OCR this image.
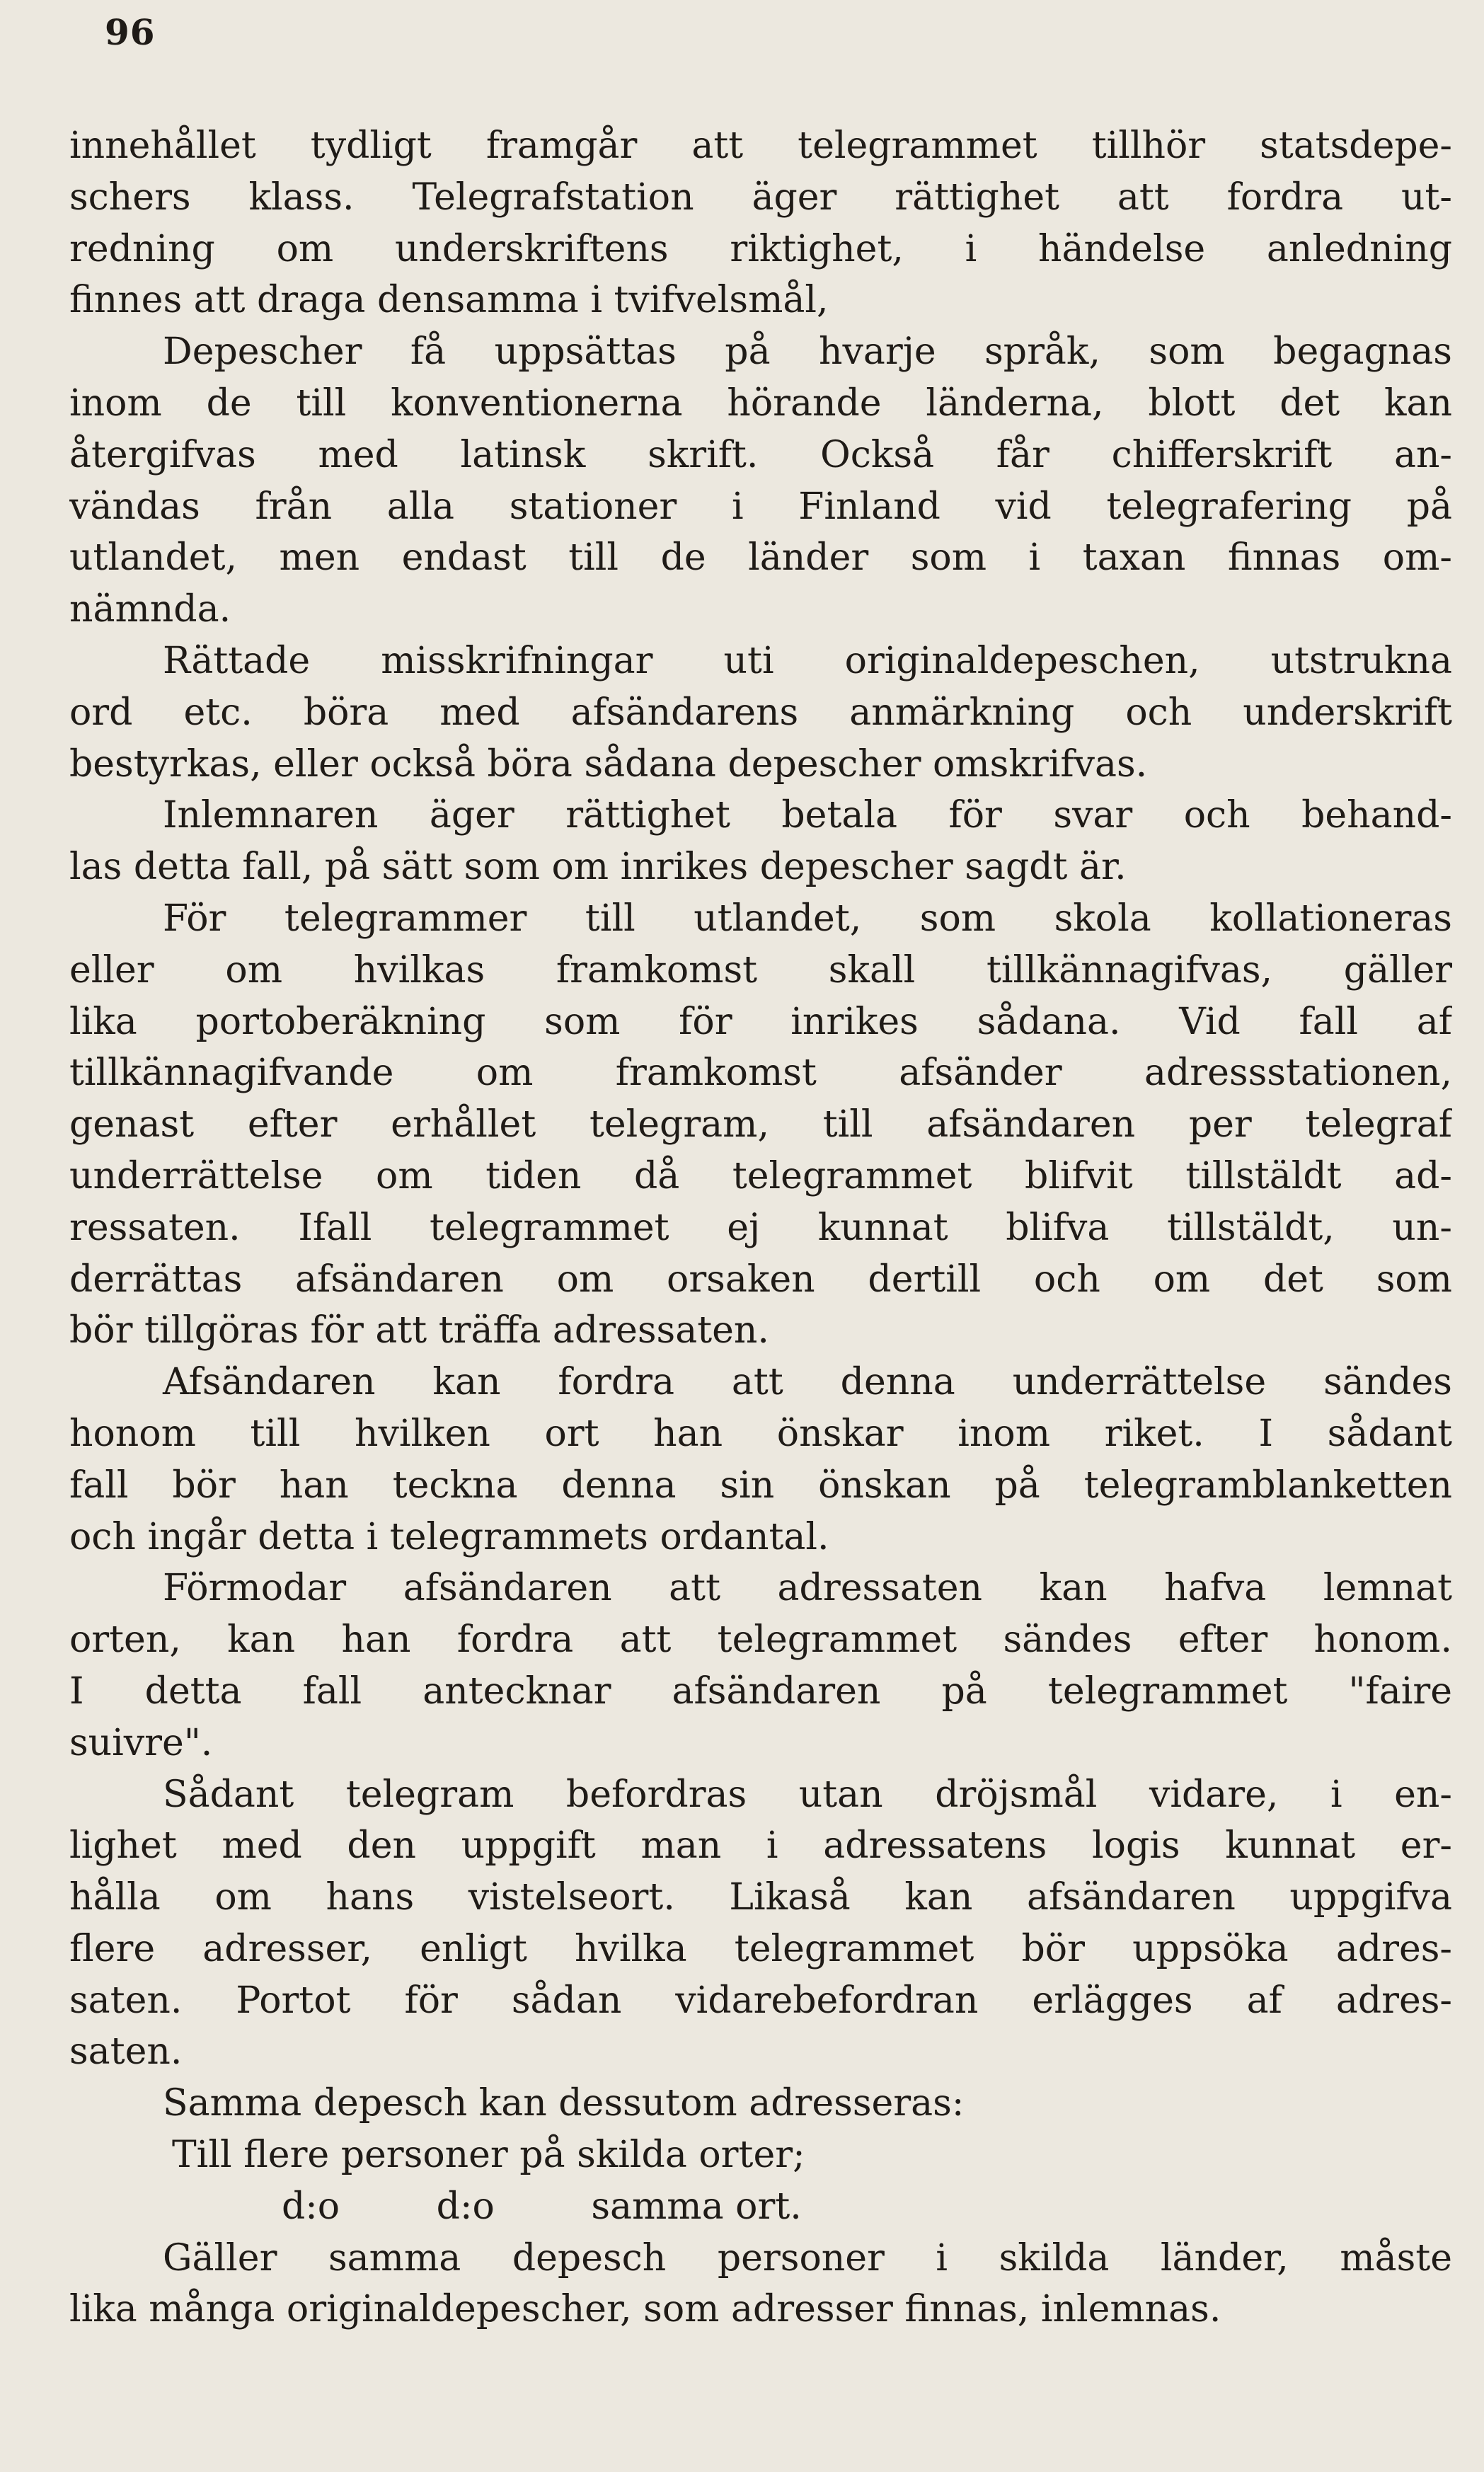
96
innehållet tydligt framgår att telegrammet tillhör statsdepe-
schers klass. Telegrafstation äger rättighet att fordra ut-
redning om underskriftens riktighet, i händelse anledning
finnes att draga densamma i tvifvelsmål,
Depescher få uppsättas på hvarje språk, som begagnas
inom de till konventionerna hörande länderna, blott det kan
återgifvas med latinsk skrift. Också får chifferskrift an-
vändas från alla stationer i Finland vid telegrafering på
utlandet, men endast till de länder som i taxan finnas om-
nämnda.
Rättade misskrifningar uti originaldepeschen, utstrukna
ord etc. böra med afsändarens anmärkning och underskrift
bestyrkas, eller också böra sådana depescher omskrifvas.
Inlemnaren äger rättighet betala för svar och behand-
las detta fall, på sätt som om inrikes depescher sagdt är.
För telegrammer till utlandet, som skola kollationeras
eller om hvilkas framkomst skall tillkännagifvas, gäller
lika portoberäkning som för inrikes sådana. Vid fall af
tillkännagifvande om framkomst afsänder adressstationen,
genast efter erhållet telegram, till afsändaren per telegraf
underrättelse om tiden då telegrammet blifvit tillstäldt ad-
ressaten. Ifall telegrammet ej kunnat blifva tillstäldt, un-
derrättas afsändaren om orsaken dertill och om det som
bör tillgöras för att träffa adressaten.
Afsändaren kan fordra att denna underrättelse sändes
honom till hvilken ort han önskar inom riket. I sådant
fall bör han teckna denna sin önskan på telegramblanketten
och ingår detta i telegrammets ordantal.
Förmodar afsändaren att adressaten kan hafva lemnat
orten, kan han fordra att telegrammet sändes efter honom.
I detta fall antecknar afsändaren på telegrammet "faire
suivre".
Sådant telegram befordras utan dröjsmål vidare, i en-
lighet med den uppgift man i adressatens logis kunnat er-
hålla om hans vistelseort. Likaså kan afsändaren uppgifva
flere adresser, enligt hvilka telegrammet bör uppsöka adres-
saten. Portot för sådan vidarebefordran erlägges af adres-
saten.
Samma depesch kan dessutom adresseras:
Till flere personer på skilda orter;
d:o	d:o	samma ort.
Gäller samma depesch personer i skilda länder, måste
lika många originaldepescher, som adresser finnas, inlemnas.
